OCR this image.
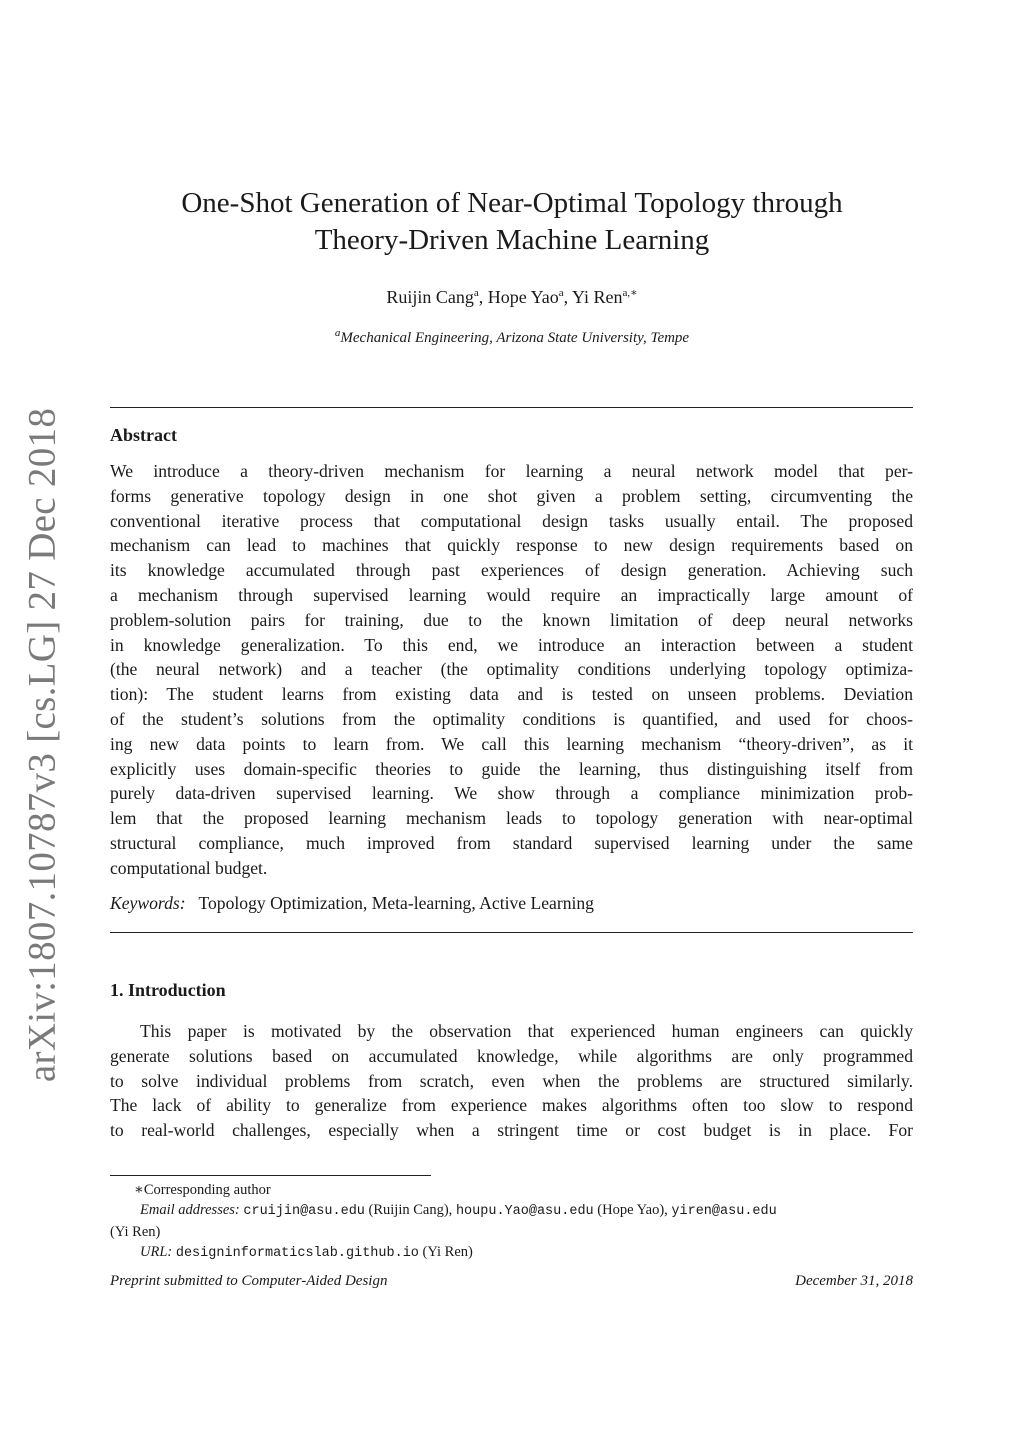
arXiv:1807.10787v3 [cs.LG] 27 Dec 2018
One-Shot Generation of Near-Optimal Topology through
Theory-Driven Machine Learning
Ruijin Cang$^a$, Hope Yao$^a$, Yi Ren$^{a,∗}$
$^a$Mechanical Engineering, Arizona State University, Tempe
Abstract
We introduce a theory-driven mechanism for learning a neural network model that per-
forms generative topology design in one shot given a problem setting, circumventing the
conventional iterative process that computational design tasks usually entail. The proposed
mechanism can lead to machines that quickly response to new design requirements based on
its knowledge accumulated through past experiences of design generation. Achieving such
a mechanism through supervised learning would require an impractically large amount of
problem-solution pairs for training, due to the known limitation of deep neural networks
in knowledge generalization. To this end, we introduce an interaction between a student
(the neural network) and a teacher (the optimality conditions underlying topology optimiza-
tion): The student learns from existing data and is tested on unseen problems. Deviation
of the student’s solutions from the optimality conditions is quantified, and used for choos-
ing new data points to learn from. We call this learning mechanism “theory-driven”, as it
explicitly uses domain-specific theories to guide the learning, thus distinguishing itself from
purely data-driven supervised learning. We show through a compliance minimization prob-
lem that the proposed learning mechanism leads to topology generation with near-optimal
structural compliance, much improved from standard supervised learning under the same
computational budget.
Keywords: Topology Optimization, Meta-learning, Active Learning
1. Introduction
This paper is motivated by the observation that experienced human engineers can quickly
generate solutions based on accumulated knowledge, while algorithms are only programmed
to solve individual problems from scratch, even when the problems are structured similarly.
The lack of ability to generalize from experience makes algorithms often too slow to respond
to real-world challenges, especially when a stringent time or cost budget is in place. For
∗Corresponding author
Email addresses: cruijin@asu.edu (Ruijin Cang), houpu.Yao@asu.edu (Hope Yao), yiren@asu.edu
(Yi Ren)
URL: designinformaticslab.github.io (Yi Ren)
Preprint submitted to Computer-Aided Design	December 31, 2018
